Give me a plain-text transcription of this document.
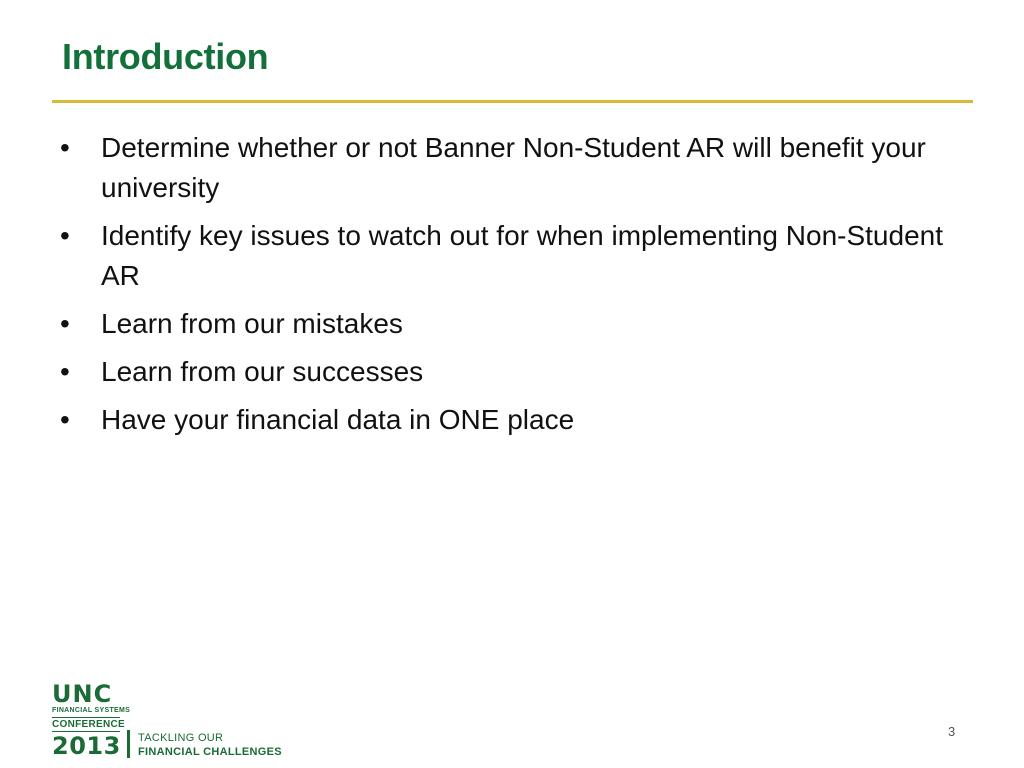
Introduction
• Determine whether or not Banner Non-Student AR will benefit your university
• Identify key issues to watch out for when implementing Non-Student AR
• Learn from our mistakes
• Learn from our successes
• Have your financial data in ONE place
UNC
FINANCIAL SYSTEMS
CONFERENCE
2013 TACKLING OUR
FINANCIAL CHALLENGES
3
